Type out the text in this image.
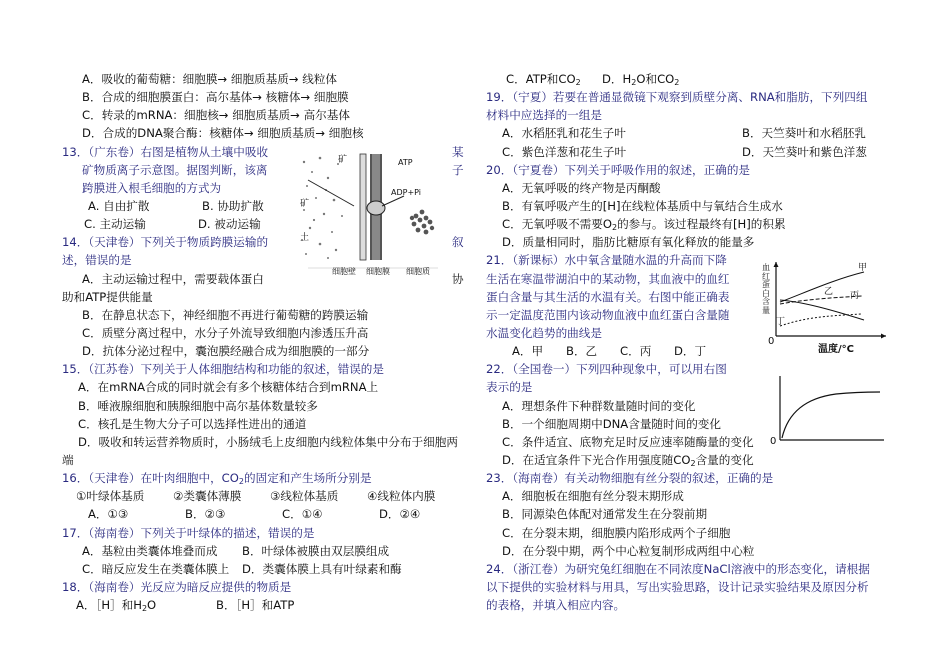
A．吸收的葡萄糖：细胞膜→ 细胞质基质→ 线粒体
B．合成的细胞膜蛋白：高尔基体→ 核糖体→ 细胞膜
C．转录的mRNA：细胞核→ 细胞质基质→ 高尔基体
D．合成的DNA聚合酶：核糖体→ 细胞质基质→ 细胞核
13．（广东卷）右图是植物从土壤中吸收	某
矿物质离子示意图。据图判断，该离	子
跨膜进入根毛细胞的方式为
A. 自由扩散	B. 协助扩散
C. 主动运输	D. 被动运输
14．（天津卷）下列关于物质跨膜运输的	叙
述，错误的是
A．主动运输过程中，需要载体蛋白	协
助和ATP提供能量
B．在静息状态下，神经细胞不再进行葡萄糖的跨膜运输
C．质壁分离过程中，水分子外流导致细胞内渗透压升高
D．抗体分泌过程中，囊泡膜经融合成为细胞膜的一部分
15．（江苏卷）下列关于人体细胞结构和功能的叙述，错误的是
A．在mRNA合成的同时就会有多个核糖体结合到mRNA上
B．唾液腺细胞和胰腺细胞中高尔基体数量较多
C．核孔是生物大分子可以选择性进出的通道
D．吸收和转运营养物质时，小肠绒毛上皮细胞内线粒体集中分布于细胞两
端
16．（天津卷）在叶肉细胞中，$CO_2$的固定和产生场所分别是
①叶绿体基质 ②类囊体薄膜 ③线粒体基质 ④线粒体内膜
A．①③	B．②③	C．①④	D．②④
17．（海南卷）下列关于叶绿体的描述，错误的是
A．基粒由类囊体堆叠而成 B．叶绿体被膜由双层膜组成
C．暗反应发生在类囊体膜上 D．类囊体膜上具有叶绿素和酶
18．（海南卷）光反应为暗反应提供的物质是
A．［H］和$H_2O$	B．［H］和ATP
ATP
ADP+Pi
矿
矿
土
细胞壁 细胞膜 细胞质
C．ATP和$CO_2$ D．$H_2O$和$CO_2$
19．（宁夏）若要在普通显微镜下观察到质壁分离、RNA和脂肪，下列四组
材料中应选择的一组是
A．水稻胚乳和花生子叶	B．天竺葵叶和水稻胚乳
C．紫色洋葱和花生子叶	D．天竺葵叶和紫色洋葱
20．（宁夏卷）下列关于呼吸作用的叙述，正确的是
A．无氧呼吸的终产物是丙酮酸
B．有氧呼吸产生的[H]在线粒体基质中与氧结合生成水
C．无氧呼吸不需要$O_2$的参与。该过程最终有[H]的积累
D．质量相同时，脂肪比糖原有氧化释放的能量多
21．（新课标）水中氧含量随水温的升高而下降
生活在寒温带湖泊中的某动物，其血液中的血红
蛋白含量与其生活的水温有关。右图中能正确表
示一定温度范围内该动物血液中血红蛋白含量随
水温变化趋势的曲线是
A．甲 B．乙 C．丙 D．丁
22．（全国卷一）下列四种现象中，可以用右图
表示的是
A．理想条件下种群数量随时间的变化
B．一个细胞周期中DNA含量随时间的变化
C．条件适宜、底物充足时反应速率随酶量的变化
D．在适宜条件下光合作用强度随$CO_2$含量的变化
23．（海南卷）有关动物细胞有丝分裂的叙述，正确的是
A．细胞板在细胞有丝分裂末期形成
B．同源染色体配对通常发生在分裂前期
C．在分裂末期，细胞膜内陷形成两个子细胞
D．在分裂中期，两个中心粒复制形成两组中心粒
24．（浙江卷）为研究兔红细胞在不同浓度NaCl溶液中的形态变化，请根据
以下提供的实验材料与用具，写出实验思路，设计记录实验结果及原因分析
的表格，并填入相应内容。
血红蛋白含量
温度/°C
0
甲
乙 丙
丁
0
